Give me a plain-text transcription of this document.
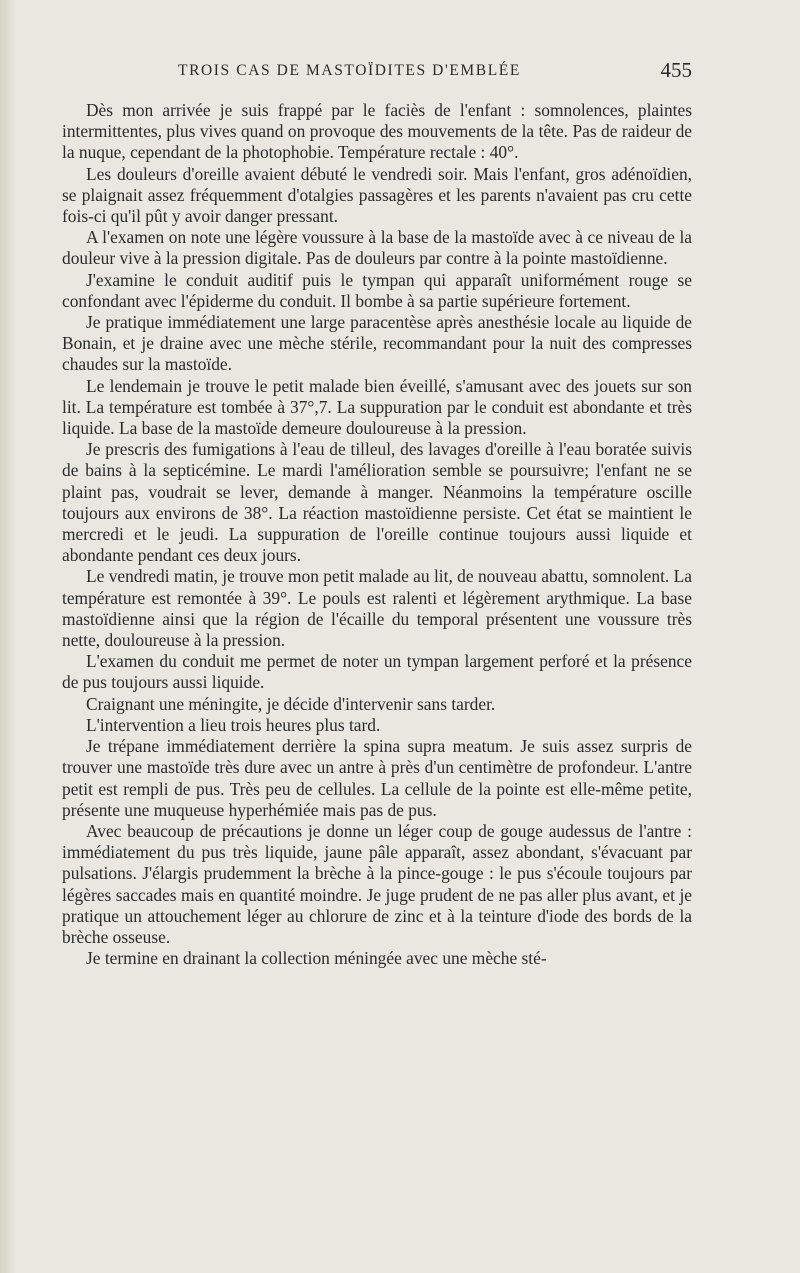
TROIS CAS DE MASTOÏDITES D'EMBLÉE	455

Dès mon arrivée je suis frappé par le faciès de l'enfant : somnolences, plaintes intermittentes, plus vives quand on provoque des mouvements de la tête. Pas de raideur de la nuque, cependant de la photophobie. Température rectale : 40°.

Les douleurs d'oreille avaient débuté le vendredi soir. Mais l'enfant, gros adénoïdien, se plaignait assez fréquemment d'otalgies passagères et les parents n'avaient pas cru cette fois-ci qu'il pût y avoir danger pressant.

A l'examen on note une légère voussure à la base de la mastoïde avec à ce niveau de la douleur vive à la pression digitale. Pas de douleurs par contre à la pointe mastoïdienne.

J'examine le conduit auditif puis le tympan qui apparaît uniformément rouge se confondant avec l'épiderme du conduit. Il bombe à sa partie supérieure fortement.

Je pratique immédiatement une large paracentèse après anesthésie locale au liquide de Bonain, et je draine avec une mèche stérile, recommandant pour la nuit des compresses chaudes sur la mastoïde.

Le lendemain je trouve le petit malade bien éveillé, s'amusant avec des jouets sur son lit. La température est tombée à 37°,7. La suppuration par le conduit est abondante et très liquide. La base de la mastoïde demeure douloureuse à la pression.

Je prescris des fumigations à l'eau de tilleul, des lavages d'oreille à l'eau boratée suivis de bains à la septicémine. Le mardi l'amélioration semble se poursuivre; l'enfant ne se plaint pas, voudrait se lever, demande à manger. Néanmoins la température oscille toujours aux environs de 38°. La réaction mastoïdienne persiste. Cet état se maintient le mercredi et le jeudi. La suppuration de l'oreille continue toujours aussi liquide et abondante pendant ces deux jours.

Le vendredi matin, je trouve mon petit malade au lit, de nouveau abattu, somnolent. La température est remontée à 39°. Le pouls est ralenti et légèrement arythmique. La base mastoïdienne ainsi que la région de l'écaille du temporal présentent une voussure très nette, douloureuse à la pression.

L'examen du conduit me permet de noter un tympan largement perforé et la présence de pus toujours aussi liquide.

Craignant une méningite, je décide d'intervenir sans tarder.

L'intervention a lieu trois heures plus tard.

Je trépane immédiatement derrière la spina supra meatum. Je suis assez surpris de trouver une mastoïde très dure avec un antre à près d'un centimètre de profondeur. L'antre petit est rempli de pus. Très peu de cellules. La cellule de la pointe est elle-même petite, présente une muqueuse hyperhémiée mais pas de pus.

Avec beaucoup de précautions je donne un léger coup de gouge audessus de l'antre : immédiatement du pus très liquide, jaune pâle apparaît, assez abondant, s'évacuant par pulsations. J'élargis prudemment la brèche à la pince-gouge : le pus s'écoule toujours par légères saccades mais en quantité moindre. Je juge prudent de ne pas aller plus avant, et je pratique un attouchement léger au chlorure de zinc et à la teinture d'iode des bords de la brèche osseuse.

Je termine en drainant la collection méningée avec une mèche sté-
